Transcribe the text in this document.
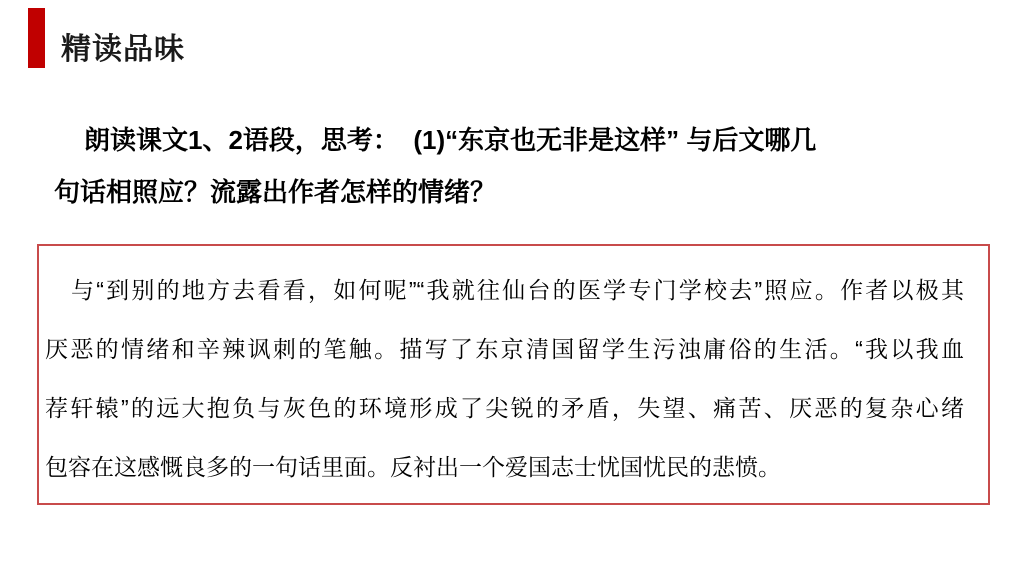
精读品味
朗读课文1、2语段，思考：  (1)“东京也无非是这样” 与后文哪几
句话相照应？流露出作者怎样的情绪？
与“到别的地方去看看，如何呢”“我就往仙台的医学专门学校去”照应。作者以极其
厌恶的情绪和辛辣讽刺的笔触。描写了东京清国留学生污浊庸俗的生活。“我以我血
荐轩辕”的远大抱负与灰色的环境形成了尖锐的矛盾，失望、痛苦、厌恶的复杂心绪
包容在这感慨良多的一句话里面。反衬出一个爱国志士忧国忧民的悲愤。
